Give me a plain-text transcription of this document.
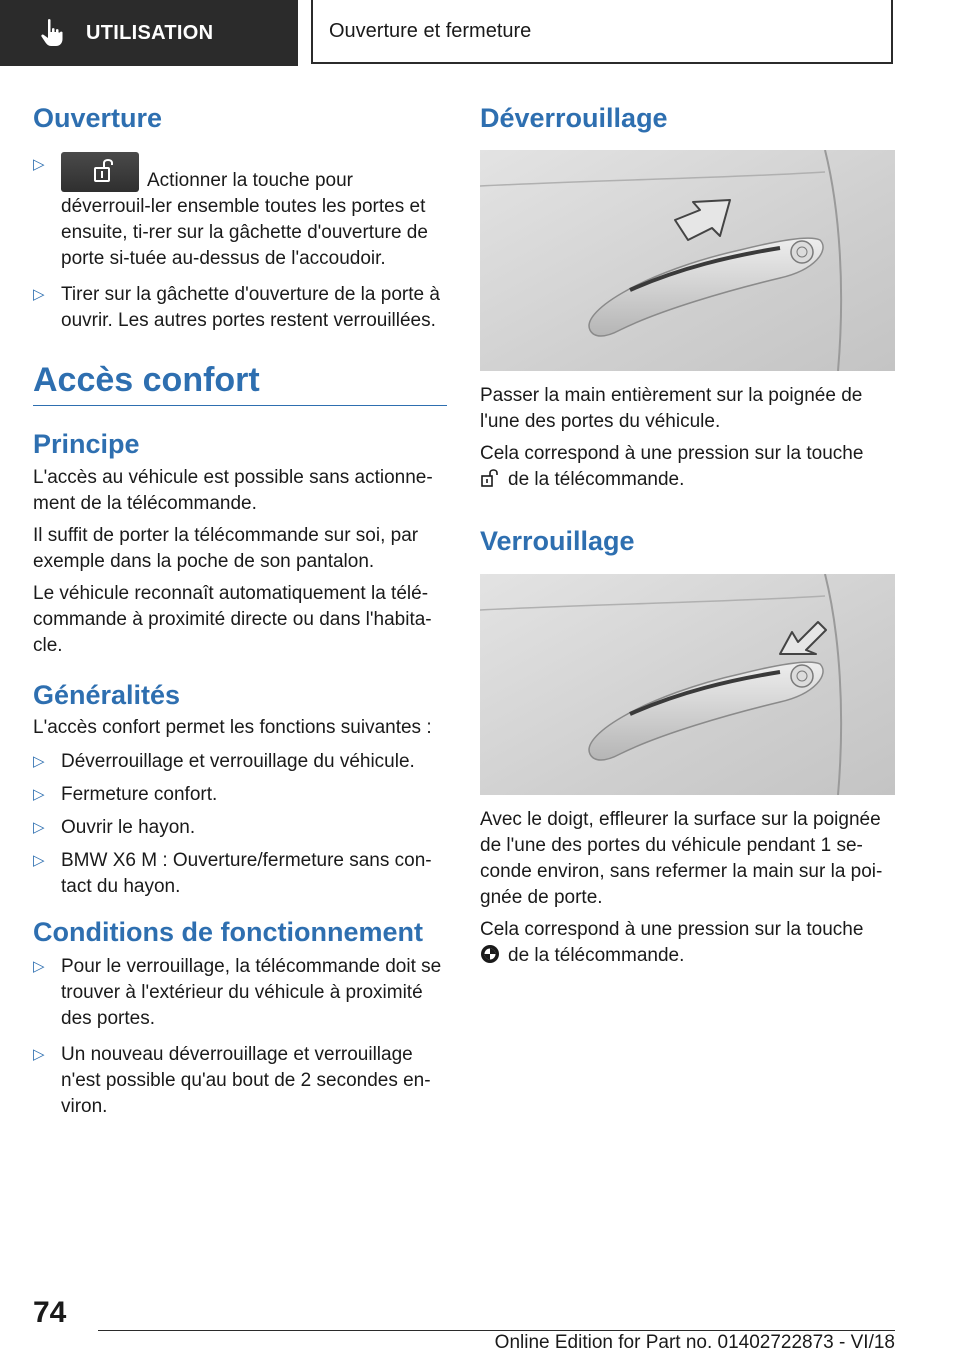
UTILISATION	Ouverture et fermeture
Ouverture
▷
Actionner la touche pour déverrouil-ler ensemble toutes les portes et ensuite, ti-rer sur la gâchette d'ouverture de porte si-tuée au-dessus de l'accoudoir.
▷ Tirer sur la gâchette d'ouverture de la porte à ouvrir. Les autres portes restent verrouillées.
Accès confort
Principe

L'accès au véhicule est possible sans actionne-ment de la télécommande.

Il suffit de porter la télécommande sur soi, par exemple dans la poche de son pantalon.

Le véhicule reconnaît automatiquement la télé-commande à proximité directe ou dans l'habita-cle.

Généralités

L'accès confort permet les fonctions suivantes :

▷ Déverrouillage et verrouillage du véhicule.
▷ Fermeture confort.
▷ Ouvrir le hayon.
▷ BMW X6 M : Ouverture/fermeture sans con-tact du hayon.
Conditions de fonctionnement
▷ Pour le verrouillage, la télécommande doit se trouver à l'extérieur du véhicule à proximité des portes.
▷ Un nouveau déverrouillage et verrouillage n'est possible qu'au bout de 2 secondes en-viron.
Déverrouillage

Passer la main entièrement sur la poignée de l'une des portes du véhicule.

Cela correspond à une pression sur la touche
de la télécommande.

Verrouillage

Avec le doigt, effleurer la surface sur la poignée de l'une des portes du véhicule pendant 1 se-conde environ, sans refermer la main sur la poi-gnée de porte.

Cela correspond à une pression sur la touche
de la télécommande.

74
Online Edition for Part no. 01402722873 - VI/18
